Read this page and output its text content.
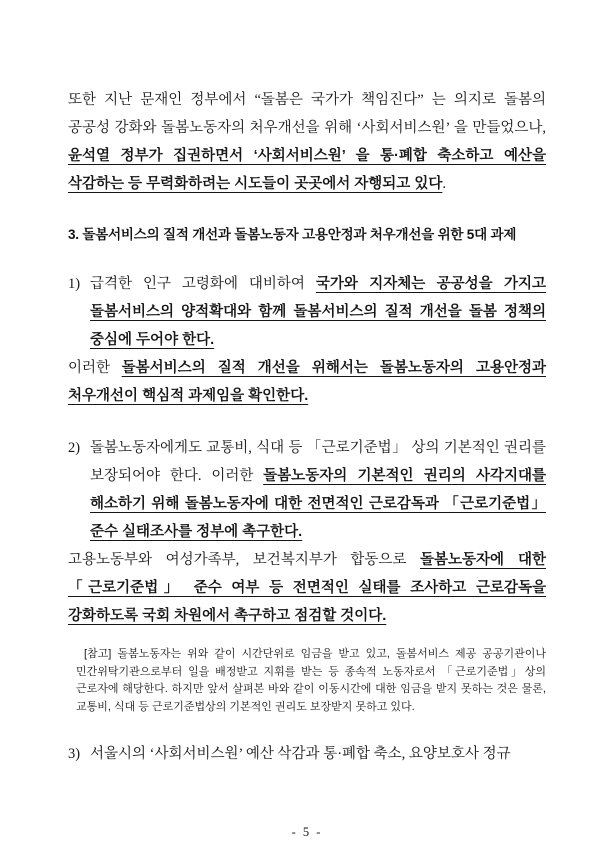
또한 지난 문재인 정부에서 “돌봄은 국가가 책임진다” 는 의지로 돌봄의 공공성 강화와 돌봄노동자의 처우개선을 위해 ‘사회서비스원’ 을 만들었으나, 윤석열 정부가 집권하면서 ‘사회서비스원’ 을 통·폐합 축소하고 예산을 삭감하는 등 무력화하려는 시도들이 곳곳에서 자행되고 있다.

3. 돌봄서비스의 질적 개선과 돌봄노동자 고용안정과 처우개선을 위한 5대 과제
1) 급격한 인구 고령화에 대비하여 국가와 지자체는 공공성을 가지고 돌봄서비스의 양적확대와 함께 돌봄서비스의 질적 개선을 돌봄 정책의 중심에 두어야 한다.

이러한 돌봄서비스의 질적 개선을 위해서는 돌봄노동자의 고용안정과 처우개선이 핵심적 과제임을 확인한다.

2) 돌봄노동자에게도 교통비, 식대 등 「근로기준법」 상의 기본적인 권리를 보장되어야 한다. 이러한 돌봄노동자의 기본적인 권리의 사각지대를 해소하기 위해 돌봄노동자에 대한 전면적인 근로감독과 「근로기준법」 준수 실태조사를 정부에 촉구한다.

고용노동부와 여성가족부, 보건복지부가 합동으로 돌봄노동자에 대한 「근로기준법」 준수 여부 등 전면적인 실태를 조사하고 근로감독을 강화하도록 국회 차원에서 촉구하고 점검할 것이다.

[참고] 돌봄노동자는 위와 같이 시간단위로 임금을 받고 있고, 돌봄서비스 제공 공공기관이나 민간위탁기관으로부터 일을 배정받고 지휘를 받는 등 종속적 노동자로서 「근로기준법」상의 근로자에 해당한다. 하지만 앞서 살펴본 바와 같이 이동시간에 대한 임금을 받지 못하는 것은 물론, 교통비, 식대 등 근로기준법상의 기본적인 권리도 보장받지 못하고 있다.

3) 서울시의 ‘사회서비스원’ 예산 삭감과 통·폐합 축소, 요양보호사 정규

- 5 -
